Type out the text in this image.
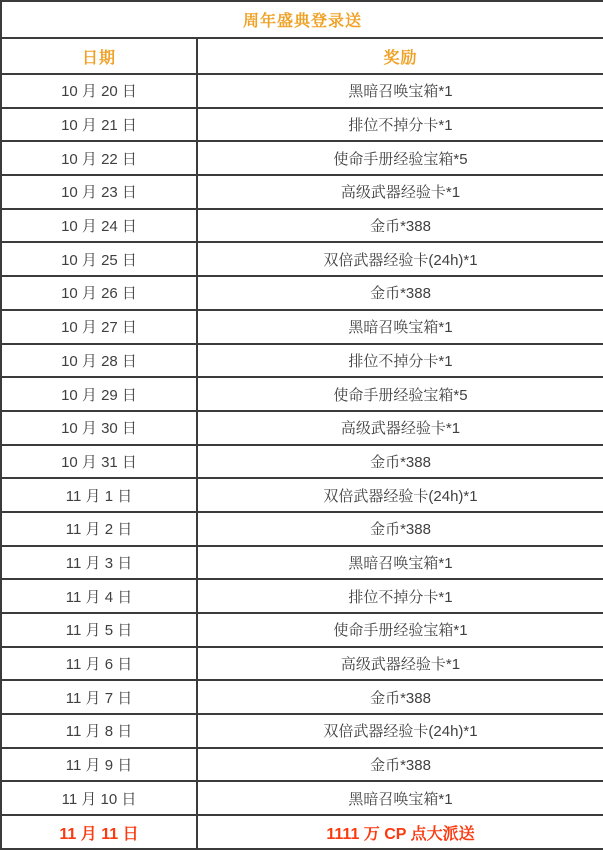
周年盛典登录送	
日期	奖励
10 月 20 日	黑暗召唤宝箱*1
10 月 21 日	排位不掉分卡*1
10 月 22 日	使命手册经验宝箱*5
10 月 23 日	高级武器经验卡*1
10 月 24 日	金币*388
10 月 25 日	双倍武器经验卡(24h)*1
10 月 26 日	金币*388
10 月 27 日	黑暗召唤宝箱*1
10 月 28 日	排位不掉分卡*1
10 月 29 日	使命手册经验宝箱*5
10 月 30 日	高级武器经验卡*1
10 月 31 日	金币*388
11 月 1 日	双倍武器经验卡(24h)*1
11 月 2 日	金币*388
11 月 3 日	黑暗召唤宝箱*1
11 月 4 日	排位不掉分卡*1
11 月 5 日	使命手册经验宝箱*1
11 月 6 日	高级武器经验卡*1
11 月 7 日	金币*388
11 月 8 日	双倍武器经验卡(24h)*1
11 月 9 日	金币*388
11 月 10 日	黑暗召唤宝箱*1
11 月 11 日	1111 万 CP 点大派送
